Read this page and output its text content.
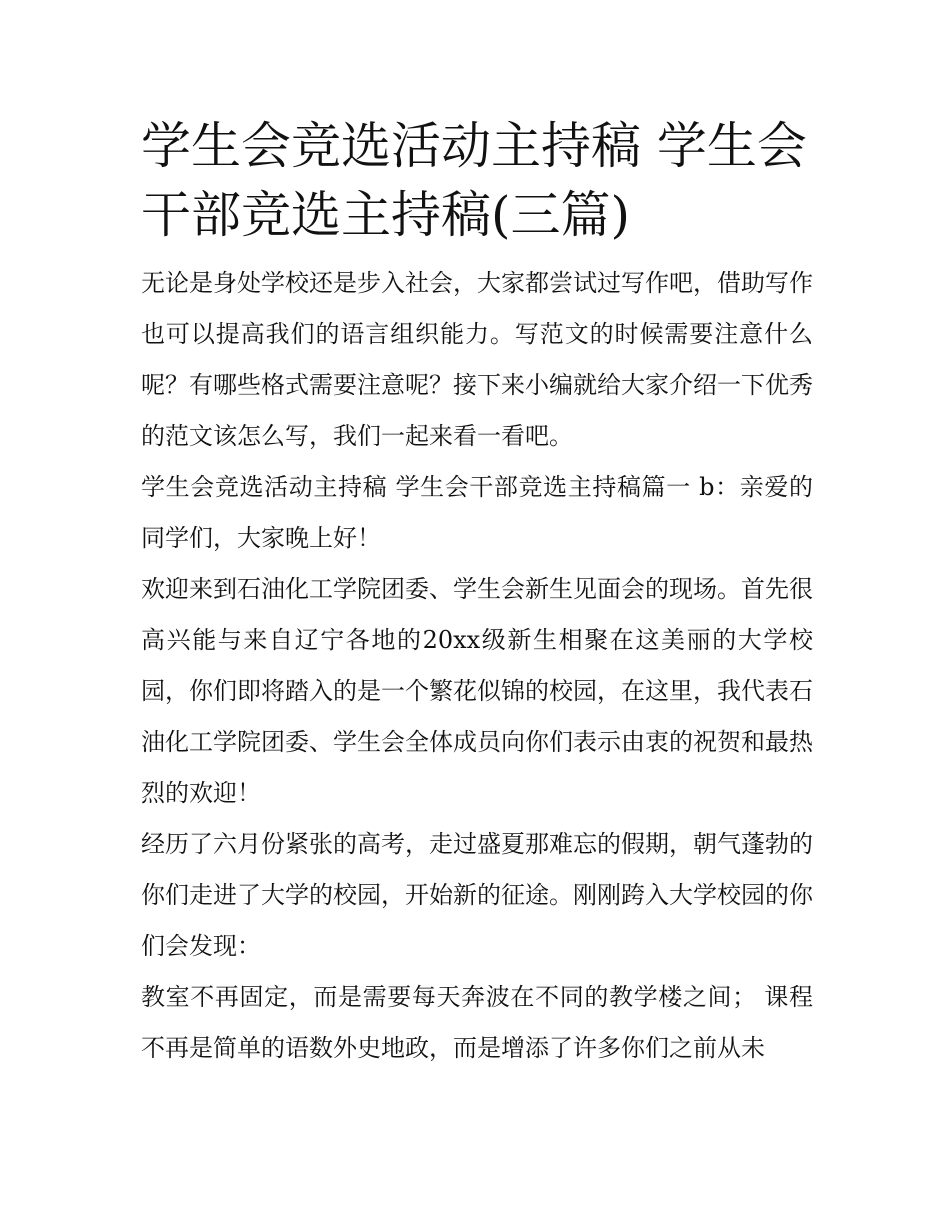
学生会竞选活动主持稿 学生会干部竞选主持稿(三篇)

无论是身处学校还是步入社会，大家都尝试过写作吧，借助写作也可以提高我们的语言组织能力。写范文的时候需要注意什么呢？有哪些格式需要注意呢？接下来小编就给大家介绍一下优秀的范文该怎么写，我们一起来看一看吧。

学生会竞选活动主持稿 学生会干部竞选主持稿篇一 b：亲爱的同学们，大家晚上好！

欢迎来到石油化工学院团委、学生会新生见面会的现场。首先很高兴能与来自辽宁各地的20xx级新生相聚在这美丽的大学校园，你们即将踏入的是一个繁花似锦的校园，在这里，我代表石油化工学院团委、学生会全体成员向你们表示由衷的祝贺和最热烈的欢迎！

经历了六月份紧张的高考，走过盛夏那难忘的假期，朝气蓬勃的你们走进了大学的校园，开始新的征途。刚刚跨入大学校园的你们会发现：

教室不再固定，而是需要每天奔波在不同的教学楼之间； 课程不再是简单的语数外史地政，而是增添了许多你们之前从未
